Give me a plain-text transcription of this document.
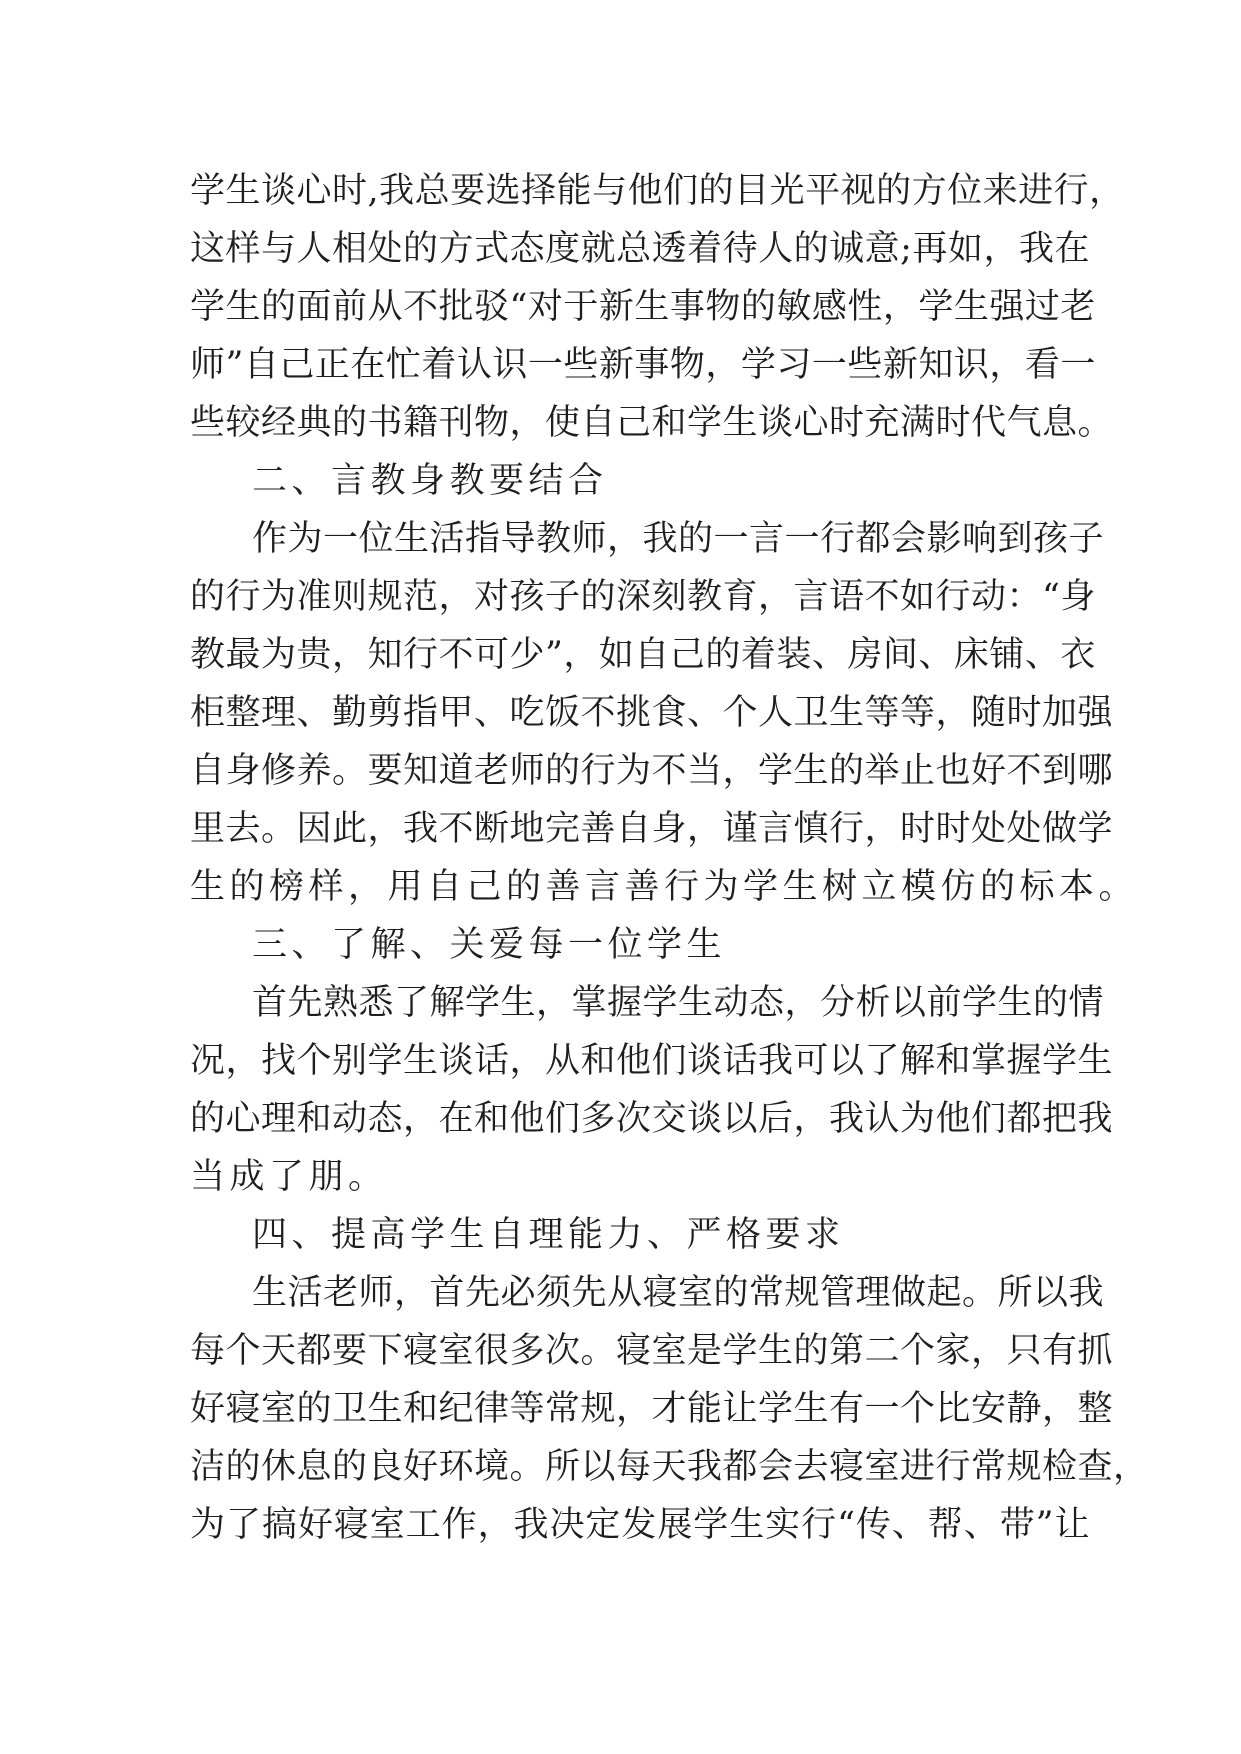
学生谈心时,我总要选择能与他们的目光平视的方位来进行，
这样与人相处的方式态度就总透着待人的诚意;再如，我在
学生的面前从不批驳“对于新生事物的敏感性，学生强过老
师”自己正在忙着认识一些新事物，学习一些新知识，看一
些较经典的书籍刊物，使自己和学生谈心时充满时代气息。
二、言教身教要结合
作为一位生活指导教师，我的一言一行都会影响到孩子
的行为准则规范，对孩子的深刻教育，言语不如行动：“身
教最为贵，知行不可少”，如自己的着装、房间、床铺、衣
柜整理、勤剪指甲、吃饭不挑食、个人卫生等等，随时加强
自身修养。要知道老师的行为不当，学生的举止也好不到哪
里去。因此，我不断地完善自身，谨言慎行，时时处处做学
生的榜样，用自己的善言善行为学生树立模仿的标本。
三、了解、关爱每一位学生
首先熟悉了解学生，掌握学生动态，分析以前学生的情
况，找个别学生谈话，从和他们谈话我可以了解和掌握学生
的心理和动态，在和他们多次交谈以后，我认为他们都把我
当成了朋。
四、提高学生自理能力、严格要求
生活老师，首先必须先从寝室的常规管理做起。所以我
每个天都要下寝室很多次。寝室是学生的第二个家，只有抓
好寝室的卫生和纪律等常规，才能让学生有一个比安静，整
洁的休息的良好环境。所以每天我都会去寝室进行常规检查，
为了搞好寝室工作，我决定发展学生实行“传、帮、带”让
